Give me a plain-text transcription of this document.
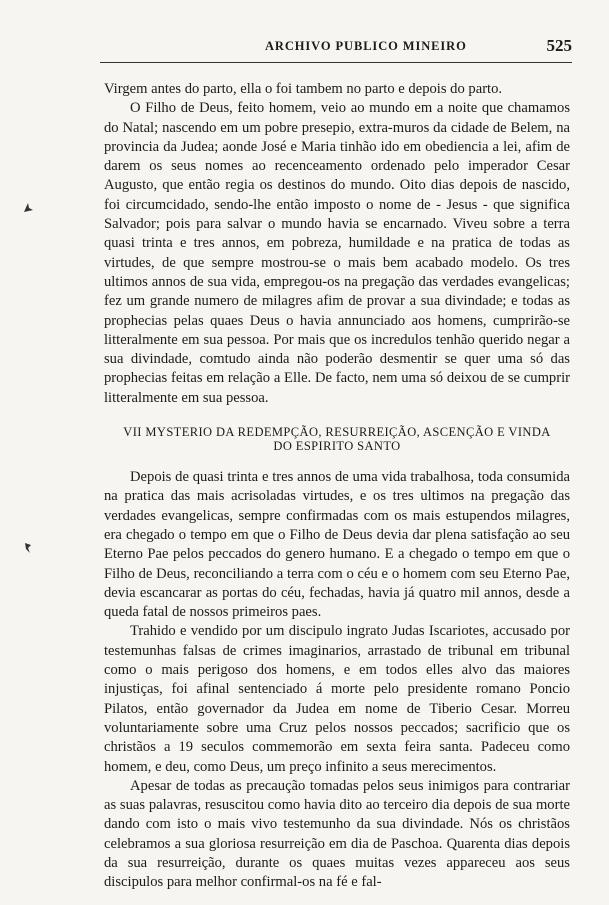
ARCHIVO PUBLICO MINEIRO	525

Virgem antes do parto, ella o foi tambem no parto e depois do parto.

O Filho de Deus, feito homem, veio ao mundo em a noite que chamamos do Natal; nascendo em um pobre presepio, extra-muros da cidade de Belem, na provincia da Judea; aonde José e Maria tinhão ido em obediencia a lei, afim de darem os seus nomes ao recenceamento ordenado pelo imperador Cesar Augusto, que então regia os destinos do mundo. Oito dias depois de nascido, foi circumcidado, sendo-lhe então imposto o nome de - Jesus - que significa Salvador; pois para salvar o mundo havia se encarnado. Viveu sobre a terra quasi trinta e tres annos, em pobreza, humildade e na pratica de todas as virtudes, de que sempre mostrou-se o mais bem acabado modelo. Os tres ultimos annos de sua vida, empregou-os na pregação das verdades evangelicas; fez um grande numero de milagres afim de provar a sua divindade; e todas as prophecias pelas quaes Deus o havia annunciado aos homens, cumprirão-se litteralmente em sua pessoa. Por mais que os incredulos tenhão querido negar a sua divindade, comtudo ainda não poderão desmentir se quer uma só das prophecias feitas em relação a Elle. De facto, nem uma só deixou de se cumprir litteralmente em sua pessoa.

VII MYSTERIO DA REDEMPÇÃO, RESURREIÇÃO, ASCENÇÃO E VINDA
DO ESPIRITO SANTO

Depois de quasi trinta e tres annos de uma vida trabalhosa, toda consumida na pratica das mais acrisoladas virtudes, e os tres ultimos na pregação das verdades evangelicas, sempre confirmadas com os mais estupendos milagres, era chegado o tempo em que o Filho de Deus devia dar plena satisfação ao seu Eterno Pae pelos peccados do genero humano. E a chegado o tempo em que o Filho de Deus, reconciliando a terra com o céu e o homem com seu Eterno Pae, devia escancarar as portas do céu, fechadas, havia já quatro mil annos, desde a queda fatal de nossos primeiros paes.

Trahido e vendido por um discipulo ingrato Judas Iscariotes, accusado por testemunhas falsas de crimes imaginarios, arrastado de tribunal em tribunal como o mais perigoso dos homens, e em todos elles alvo das maiores injustiças, foi afinal sentenciado á morte pelo presidente romano Poncio Pilatos, então governador da Judea em nome de Tiberio Cesar. Morreu voluntariamente sobre uma Cruz pelos nossos peccados; sacrificio que os christãos a 19 seculos commemorão em sexta feira santa. Padeceu como homem, e deu, como Deus, um preço infinito a seus merecimentos.

Apesar de todas as precaução tomadas pelos seus inimigos para contrariar as suas palavras, resuscitou como havia dito ao terceiro dia depois de sua morte dando com isto o mais vivo testemunho da sua divindade. Nós os christãos celebramos a sua gloriosa resurreição em dia de Paschoa. Quarenta dias depois da sua resurreição, durante os quaes muitas vezes appareceu aos seus discipulos para melhor confirmal-os na fé e fal-
